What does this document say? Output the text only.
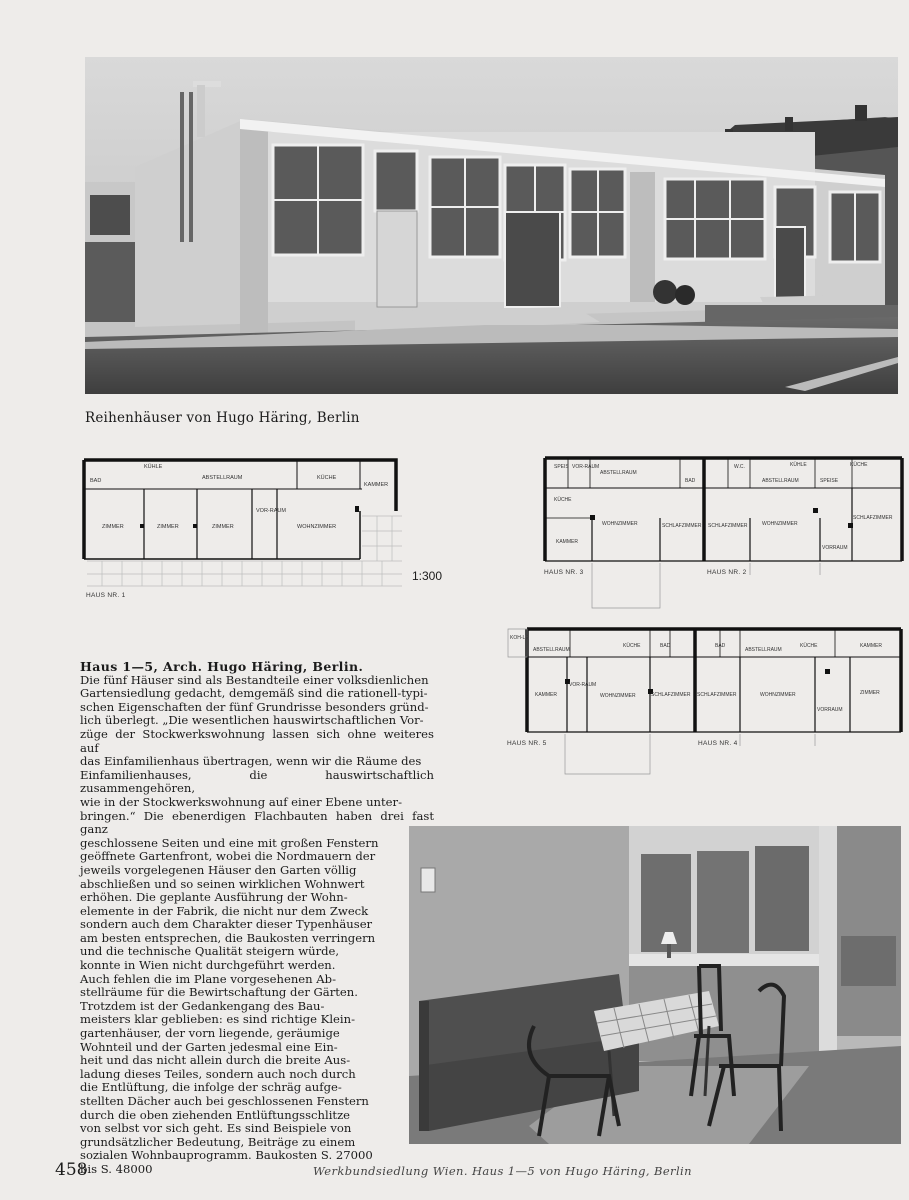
Reihenhäuser von Hugo Häring, Berlin
BAD
KÜHLE
ABSTELLRAUM	KÜCHE
KAMMER
ZIMMER	ZIMMER	ZIMMER
VOR-RAUM
WOHNZIMMER
HAUS NR. 1
1:300
SPEIS VOR-RAUM
ABSTELLRAUM
BAD
W.C.	KÜHLE
ABSTELLRAUM
KÜCHE
SPEISE
KÜCHE
KAMMER
WOHNZIMMER	SCHLAFZIMMER SCHLAFZIMMER	WOHNZIMMER
VORRAUM
SCHLAFZIMMER
HAUS NR. 3	HAUS NR. 2
KOH-LE
ABSTELLRAUM
KÜCHE	BAD	BAD
ABSTELLRAUM
KÜCHE	KAMMER
KAMMER
VOR-RAUM
WOHNZIMMER	SCHLAFZIMMER SCHLAFZIMMER	WOHNZIMMER
VORRAUM
ZIMMER
HAUS NR. 5	HAUS NR. 4
Haus 1—5, Arch. Hugo Häring, Berlin.
Die fünf Häuser sind als Bestandteile einer volksdienlichen
Gartensiedlung gedacht, demgemäß sind die rationell-typi-
schen Eigenschaften der fünf Grundrisse besonders gründ-
lich überlegt. „Die wesentlichen hauswirtschaftlichen Vor-
züge der Stockwerkswohnung lassen sich ohne weiteres auf
das Einfamilienhaus übertragen, wenn wir die Räume des
Einfamilienhauses, die hauswirtschaftlich zusammengehören,
wie in der Stockwerkswohnung auf einer Ebene unter-
bringen.“ Die ebenerdigen Flachbauten haben drei fast ganz
geschlossene Seiten und eine mit großen Fenstern
geöffnete Gartenfront, wobei die Nordmauern der
jeweils vorgelegenen Häuser den Garten völlig
abschließen und so seinen wirklichen Wohnwert
erhöhen. Die geplante Ausführung der Wohn-
elemente in der Fabrik, die nicht nur dem Zweck
sondern auch dem Charakter dieser Typenhäuser
am besten entsprechen, die Baukosten verringern
und die technische Qualität steigern würde,
konnte in Wien nicht durchgeführt werden.
Auch fehlen die im Plane vorgesehenen Ab-
stellräume für die Bewirtschaftung der Gärten.
Trotzdem ist der Gedankengang des Bau-
meisters klar geblieben: es sind richtige Klein-
gartenhäuser, der vorn liegende, geräumige
Wohnteil und der Garten jedesmal eine Ein-
heit und das nicht allein durch die breite Aus-
ladung dieses Teiles, sondern auch noch durch
die Entlüftung, die infolge der schräg aufge-
stellten Dächer auch bei geschlossenen Fenstern
durch die oben ziehenden Entlüftungsschlitze
von selbst vor sich geht. Es sind Beispiele von
grundsätzlicher Bedeutung, Beiträge zu einem
sozialen Wohnbauprogramm. Baukosten S. 27000
bis S. 48000
458	Werkbundsiedlung Wien. Haus 1—5 von Hugo Häring, Berlin
